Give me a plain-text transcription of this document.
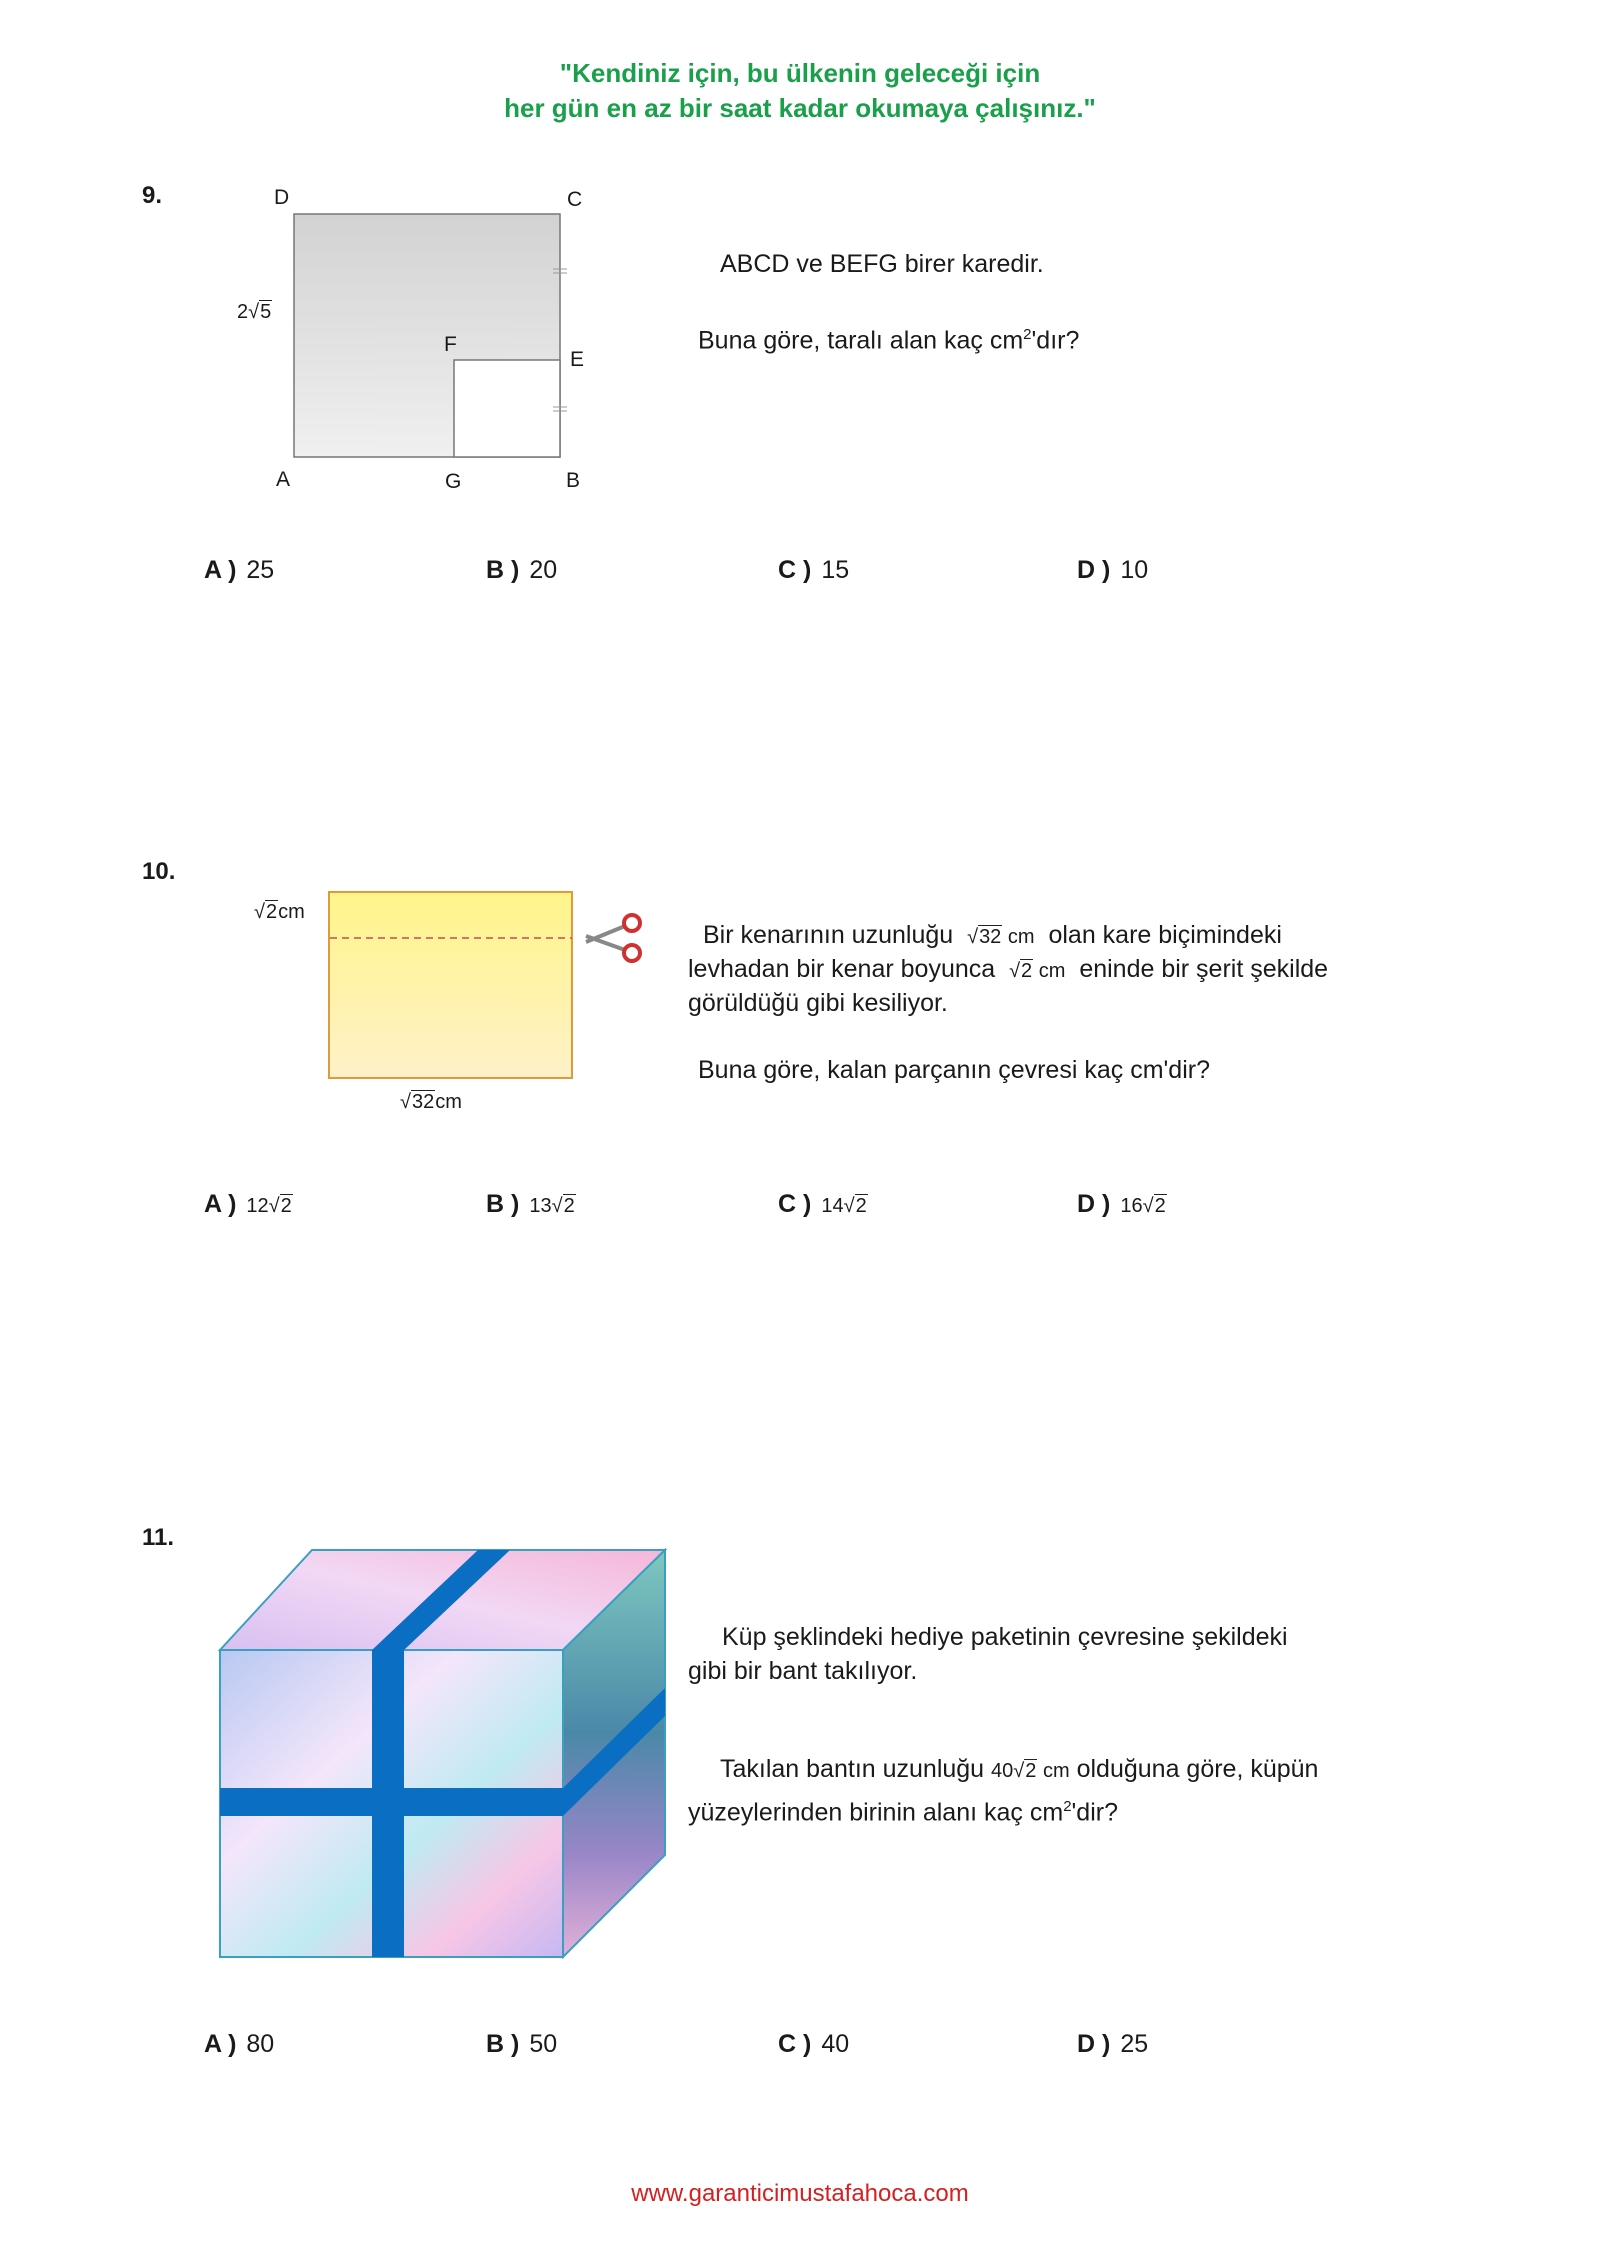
"Kendiniz için, bu ülkenin geleceği için
her gün en az bir saat kadar okumaya çalışınız."
9.	D	C
E
F
A	G	B
2√5
ABCD ve BEFG birer karedir.
Buna göre, taralı alan kaç $cm^2'dır$?
A ) 25	B ) 20	C ) 15	D ) 10
10.
√2cm
√32cm
Bir kenarının uzunluğu √32 cm olan kare biçimindeki
levhadan bir kenar boyunca √2 cm eninde bir şerit şekilde
görüldüğü gibi kesiliyor.
Buna göre, kalan parçanın çevresi kaç cm'dir?
A ) 12√2	B ) 13√2	C ) 14√2	D ) 16√2
11.
Küp şeklindeki hediye paketinin çevresine şekildeki
gibi bir bant takılıyor.
Takılan bantın uzunluğu 40√2 cm olduğuna göre, küpün
yüzeylerinden birinin alanı kaç $cm^2'dir$?
A ) 80	B ) 50	C ) 40	D ) 25
www.garanticimustafahoca.com
